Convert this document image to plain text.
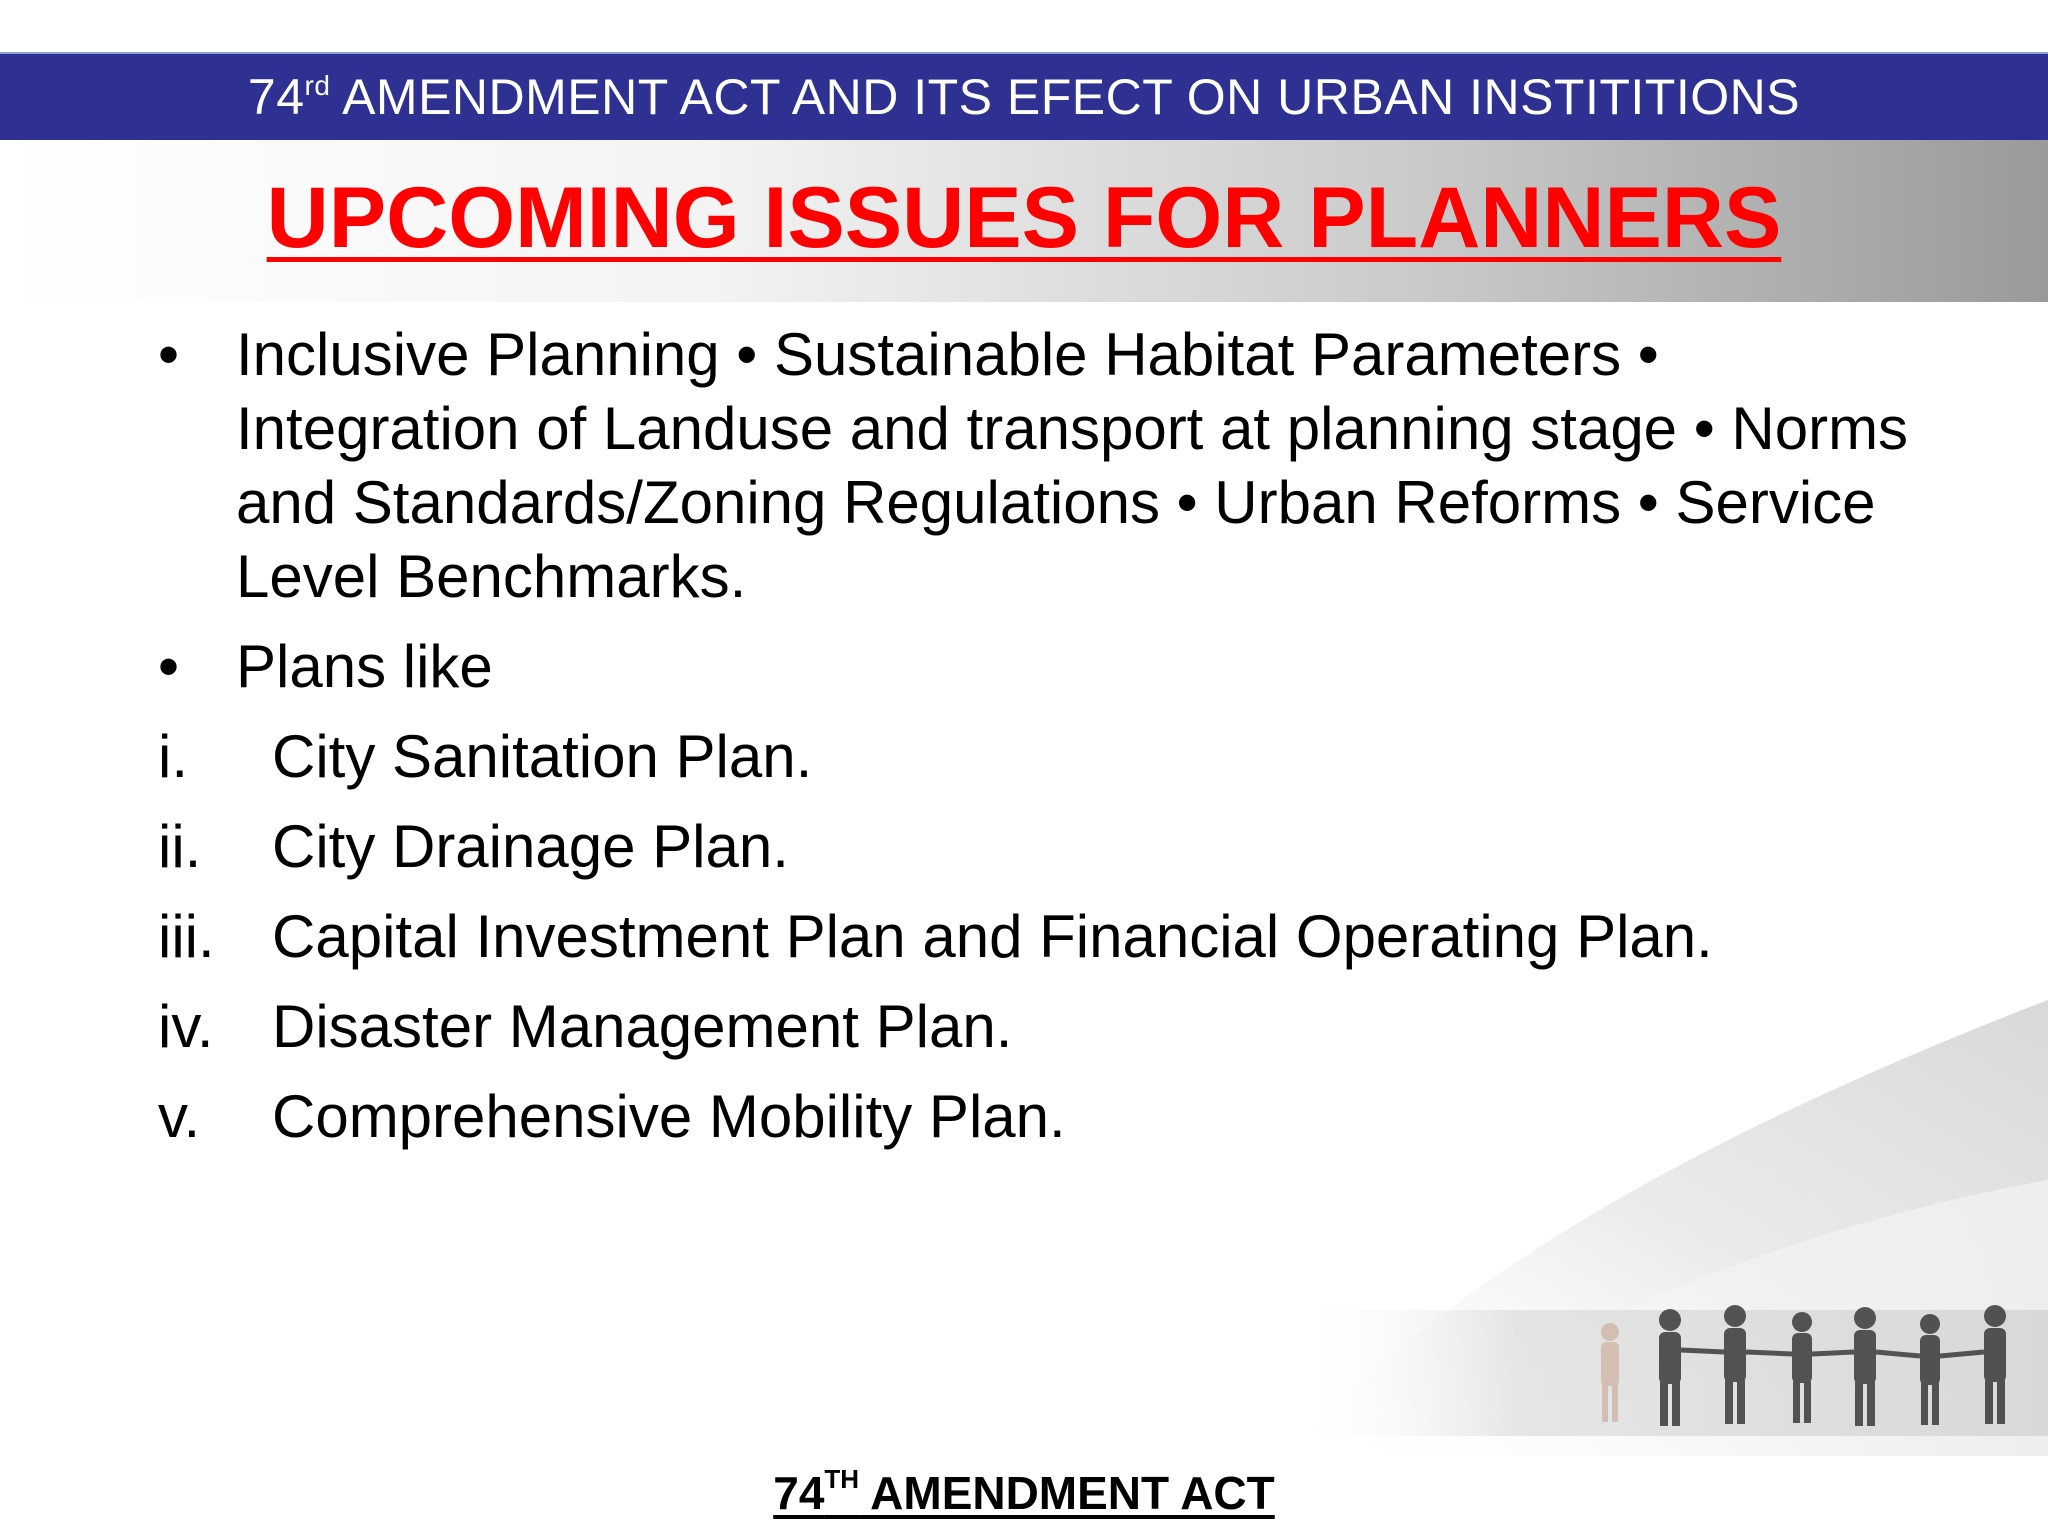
74rd AMENDMENT ACT AND ITS EFECT ON URBAN INSTITITIONS
UPCOMING ISSUES FOR PLANNERS
• Inclusive Planning • Sustainable Habitat Parameters • Integration of Landuse and transport at planning stage • Norms and Standards/Zoning Regulations • Urban Reforms • Service Level Benchmarks.
• Plans like
i. City Sanitation Plan.
ii. City Drainage Plan.
iii. Capital Investment Plan and Financial Operating Plan.
iv. Disaster Management Plan.
v. Comprehensive Mobility Plan.
74TH AMENDMENT ACT
